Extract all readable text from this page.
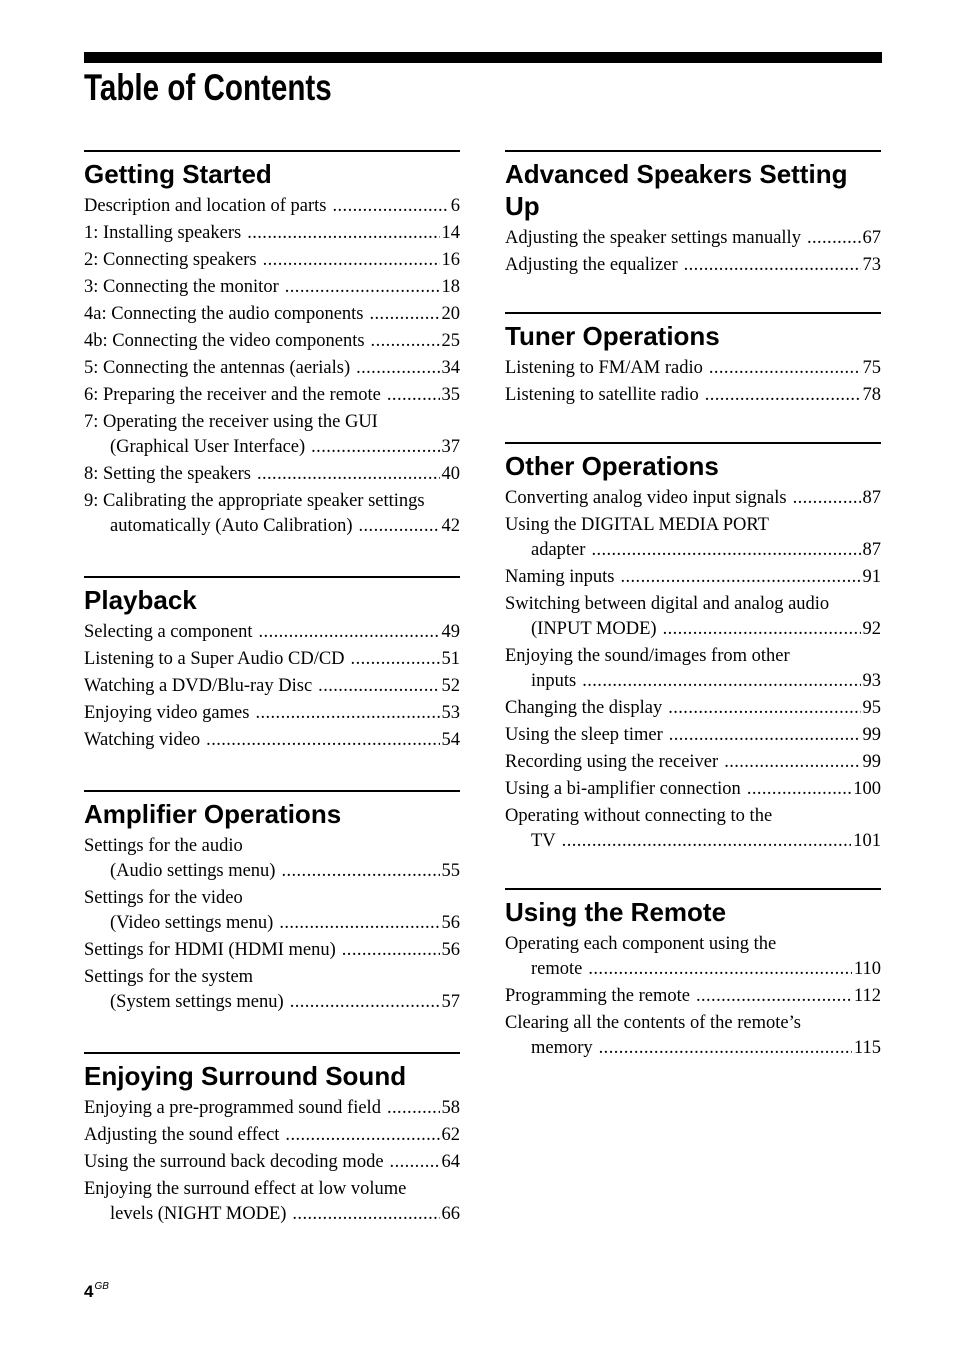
Table of Contents
Getting Started
Description and location of parts .....	6
1: Installing speakers .....	14
2: Connecting speakers .....	16
3: Connecting the monitor .....	18
4a: Connecting the audio components .....	20
4b: Connecting the video components .....	25
5: Connecting the antennas (aerials) .....	34
6: Preparing the receiver and the remote .....	35
7: Operating the receiver using the GUI
(Graphical User Interface) .....	37
8: Setting the speakers .....	40
9: Calibrating the appropriate speaker settings
automatically (Auto Calibration) .....	42
Playback
Selecting a component .....	49
Listening to a Super Audio CD/CD .....	51
Watching a DVD/Blu-ray Disc .....	52
Enjoying video games .....	53
Watching video .....	54
Amplifier Operations
Settings for the audio
(Audio settings menu) .....	55
Settings for the video
(Video settings menu) .....	56
Settings for HDMI (HDMI menu) .....	56
Settings for the system
(System settings menu) .....	57
Enjoying Surround Sound
Enjoying a pre-programmed sound field .....	58
Adjusting the sound effect .....	62
Using the surround back decoding mode .....	64
Enjoying the surround effect at low volume
levels (NIGHT MODE) .....	66
Advanced Speakers Setting Up
Adjusting the speaker settings manually .....	67
Adjusting the equalizer .....	73
Tuner Operations
Listening to FM/AM radio .....	75
Listening to satellite radio .....	78
Other Operations
Converting analog video input signals .....	87
Using the DIGITAL MEDIA PORT
adapter .....	87
Naming inputs .....	91
Switching between digital and analog audio
(INPUT MODE) .....	92
Enjoying the sound/images from other
inputs .....	93
Changing the display .....	95
Using the sleep timer .....	99
Recording using the receiver .....	99
Using a bi-amplifier connection .....	100
Operating without connecting to the
TV .....	101
Using the Remote
Operating each component using the
remote .....	110
Programming the remote .....	112
Clearing all the contents of the remote’s
memory .....	115
$4^{GB}$
